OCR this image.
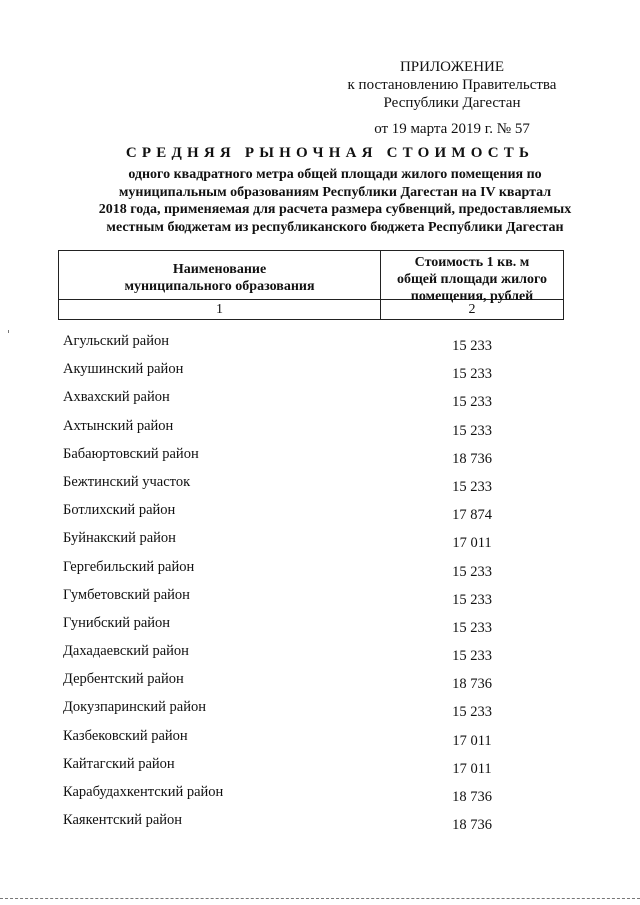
ПРИЛОЖЕНИЕ
к постановлению Правительства
Республики Дагестан
от 19 марта 2019 г. № 57
СРЕДНЯЯ РЫНОЧНАЯ СТОИМОСТЬ
одного квадратного метра общей площади жилого помещения по
муниципальным образованиям Республики Дагестан на IV квартал
2018 года, применяемая для расчета размера субвенций, предоставляемых
местным бюджетам из республиканского бюджета Республики Дагестан
Наименование
муниципального образования
Стоимость 1 кв. м
общей площади жилого
помещения, рублей
1	2
Агульский район	15 233
Акушинский район	15 233
Ахвахский район	15 233
Ахтынский район	15 233
Бабаюртовский район	18 736
Бежтинский участок	15 233
Ботлихский район	17 874
Буйнакский район	17 011
Гергебильский район	15 233
Гумбетовский район	15 233
Гунибский район	15 233
Дахадаевский район	15 233
Дербентский район	18 736
Докузпаринский район	15 233
Казбековский район	17 011
Кайтагский район	17 011
Карабудахкентский район	18 736
Каякентский район	18 736
